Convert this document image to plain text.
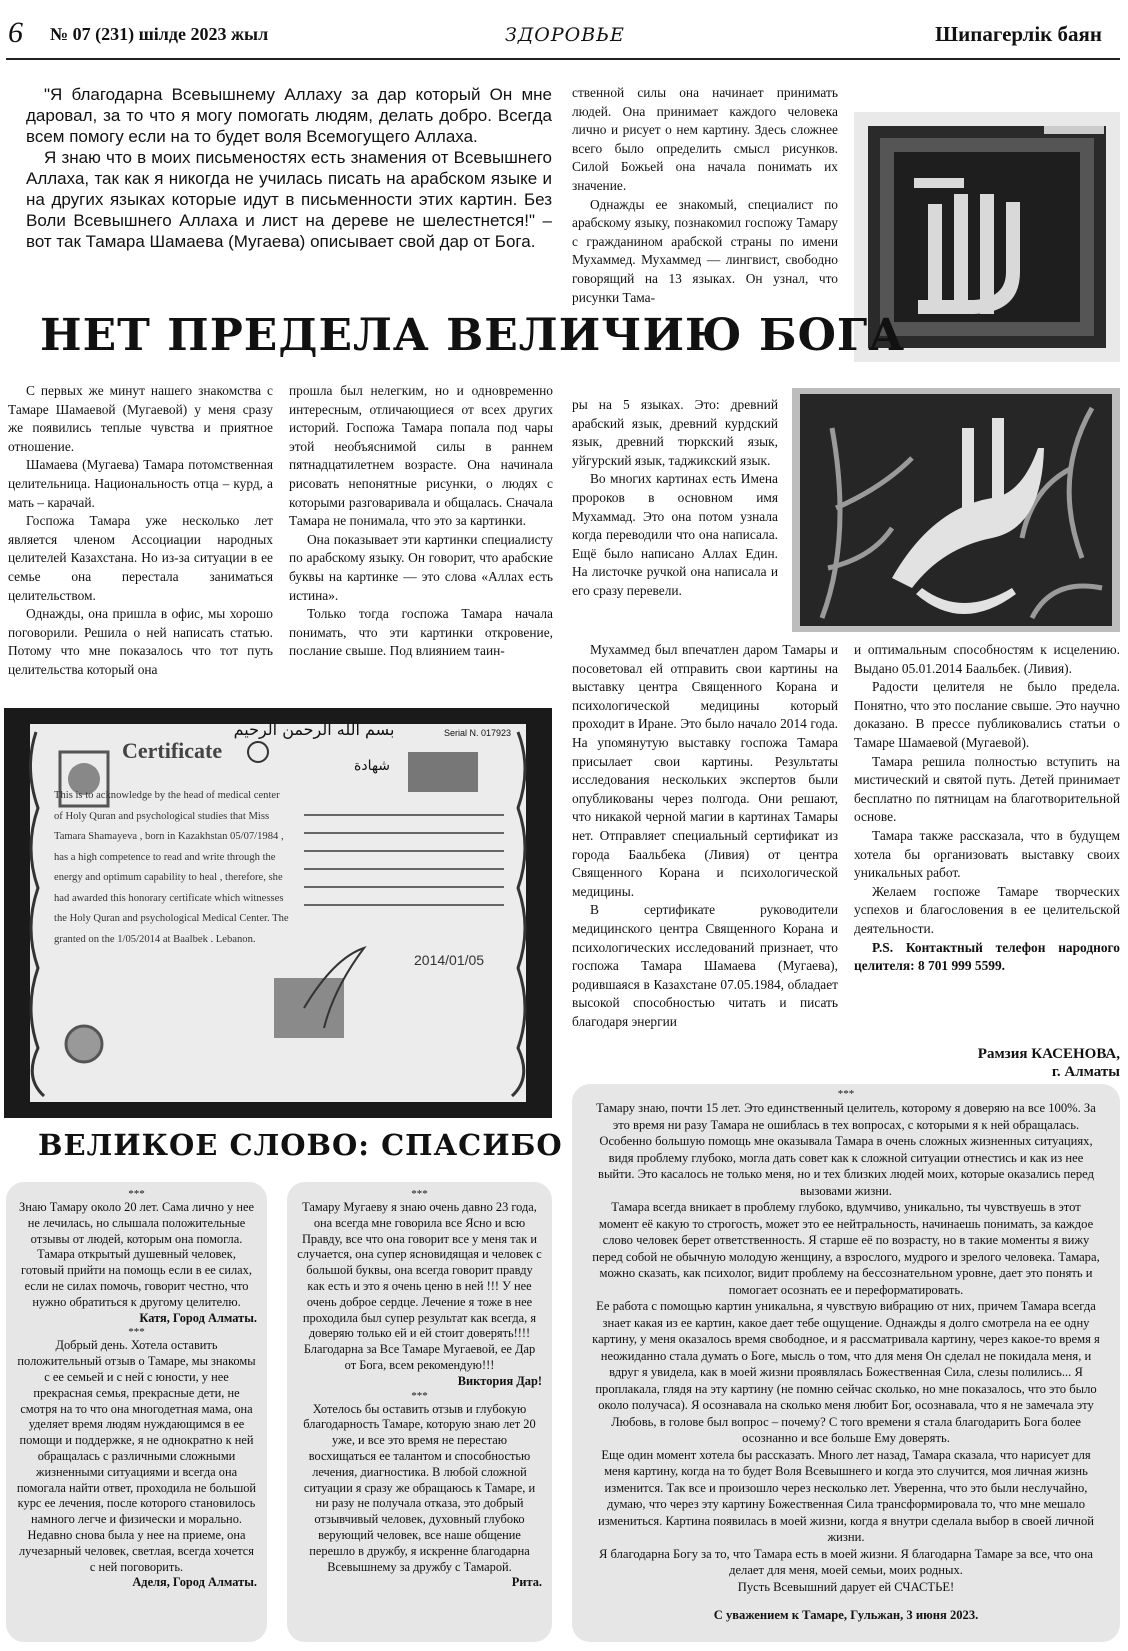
6 № 07 (231) шілде 2023 жыл	ЗДОРОВЬЕ	Шипагерлік баян

"Я благодарна Всевышнему Аллаху за дар который Он мне даровал, за то что я могу помогать людям, делать добро. Всегда всем помогу если на то будет воля Всемогущего Аллаха.

Я знаю что в моих письменостях есть знамения от Всевышнего Аллаха, так как я никогда не училась писать на арабском языке и на других языках которые идут в письменности этих картин. Без Воли Всевышнего Аллаха и лист на дереве не шелестнется!" – вот так Тамара Шамаева (Мугаева) описывает свой дар от Бога.

ственной силы она начинает принимать людей. Она принимает каждого человека лично и рисует о нем картину. Здесь сложнее всего было определить смысл рисунков. Силой Божьей она начала понимать их значение.

Однажды ее знакомый, специалист по арабскому языку, познакомил госпожу Тамару с гражданином арабской страны по имени Мухаммед. Мухаммед — лингвист, свободно говорящий на 13 языках. Он узнал, что рисунки Тама-

НЕТ ПРЕДЕЛА ВЕЛИЧИЮ БОГА

С первых же минут нашего знакомства с Тамаре Шамаевой (Мугаевой) у меня сразу же появились теплые чувства и приятное отношение.

Шамаева (Мугаева) Тамара потомственная целительница. Национальность отца – курд, а мать – карачай.

Госпожа Тамара уже несколько лет является членом Ассоциации народных целителей Казахстана. Но из-за ситуации в ее семье она перестала заниматься целительством.

Однажды, она пришла в офис, мы хорошо поговорили. Решила о ней написать статью. Потому что мне показалось что тот путь целительства который она

прошла был нелегким, но и одновременно интересным, отличающиеся от всех других историй. Госпожа Тамара попала под чары этой необъяснимой силы в раннем пятнадцатилетнем возрасте. Она начинала рисовать непонятные рисунки, о людях с которыми разговаривала и общалась. Сначала Тамара не понимала, что это за картинки.

Она показывает эти картинки специалисту по арабскому языку. Он говорит, что арабские буквы на картинке — это слова «Аллах есть истина».

Только тогда госпожа Тамара начала понимать, что эти картинки откровение, послание свыше. Под влиянием таин-

ры на 5 языках. Это: древний арабский язык, древний курдский язык, древний тюркский язык, уйгурский язык, таджикский язык.

Во многих картинах есть Имена пророков в основном имя Мухаммад. Это она потом узнала когда переводили что она написала. Ещё было написано Аллах Един. На листочке ручкой она написала и его сразу перевели.

Мухаммед был впечатлен даром Тамары и посоветовал ей отправить свои картины на выставку центра Священного Корана и психологической медицины который проходит в Иране. Это было начало 2014 года. На упомянутую выставку госпожа Тамара присылает свои картины. Результаты исследования нескольких экспертов были опубликованы через полгода. Они решают, что никакой черной магии в картинах Тамары нет. Отправляет специальный сертификат из города Баальбека (Ливия) от центра Священного Корана и психологической медицины.

В сертификате руководители медицинского центра Священного Корана и психологических исследований признает, что госпожа Тамара Шамаева (Мугаева), родившаяся в Казахстане 07.05.1984, обладает высокой способностью читать и писать благодаря энергии

и оптимальным способностям к исцелению. Выдано 05.01.2014 Баальбек. (Ливия).

Радости целителя не было предела. Понятно, что это послание свыше. Это научно доказано. В прессе публиковались статьи о Тамаре Шамаевой (Мугаевой).

Тамара решила полностью вступить на мистический и святой путь. Детей принимает бесплатно по пятницам на благотворительной основе.

Тамара также рассказала, что в будущем хотела бы организовать выставку своих уникальных работ.

Желаем госпоже Тамаре творческих успехов и благословения в ее целительской деятельности.

P.S. Контактный телефон народного целителя: 8 701 999 5599.

Рамзия КАСЕНОВА,
г. Алматы
بسم الله الرحمن الرحيم	Serial N. 017923
شهادة
Certificate
This is to acknowledge by the head of medical center of Holy Quran and psychological studies that Miss Tamara Shamayeva , born in Kazakhstan 05/07/1984 , has a high competence to read and write through the energy and optimum capability to heal , therefore, she had awarded this honorary certificate which witnesses the Holy Quran and psychological Medical Center. The granted on the 1/05/2014 at Baalbek . Lebanon.
2014/01/05
ВЕЛИКОЕ СЛОВО: СПАСИБО
***
Знаю Тамару около 20 лет. Сама лично у нее не лечилась, но слышала положительные отзывы от людей, которым она помогла. Тамара открытый душевный человек, готовый прийти на помощь если в ее силах, если не силах помочь, говорит честно, что нужно обратиться к другому целителю.
Катя, Город Алматы.
***
Добрый день. Хотела оставить положительный отзыв о Тамаре, мы знакомы с ее семьей и с ней с юности, у нее прекрасная семья, прекрасные дети, не смотря на то что она многодетная мама, она уделяет время людям нуждающимся в ее помощи и поддержке, я не однократно к ней обращалась с различными сложными жизненными ситуациями и всегда она помогала найти ответ, проходила не большой курс ее лечения, после которого становилось намного легче и физически и морально. Недавно снова была у нее на приеме, она лучезарный человек, светлая, всегда хочется с ней поговорить.
Аделя, Город Алматы.
***
Тамару Мугаеву я знаю очень давно 23 года, она всегда мне говорила все Ясно и всю Правду, все что она говорит все у меня так и случается, она супер ясновидящая и человек с большой буквы, она всегда говорит правду как есть и это я очень ценю в ней !!! У нее очень доброе сердце. Лечение я тоже в нее проходила был супер результат как всегда, я доверяю только ей и ей стоит доверять!!!! Благодарна за Все Тамаре Мугаевой, ее Дар от Бога, всем рекомендую!!!
Виктория Дар!
***
Хотелось бы оставить отзыв и глубокую благодарность Тамаре, которую знаю лет 20 уже, и все это время не перестаю восхищаться ее талантом и способностью лечения, диагностика. В любой сложной ситуации я сразу же обращаюсь к Тамаре, и ни разу не получала отказа, это добрый отзывчивый человек, духовный глубоко верующий человек, все наше общение перешло в дружбу, я искренне благодарна Всевышнему за дружбу с Тамарой.
Рита.
***
Тамару знаю, почти 15 лет. Это единственный целитель, которому я доверяю на все 100%. За это время ни разу Тамара не ошиблась в тех вопросах, с которыми я к ней обращалась. Особенно большую помощь мне оказывала Тамара в очень сложных жизненных ситуациях, видя проблему глубоко, могла дать совет как к сложной ситуации отнестись и как из нее выйти. Это касалось не только меня, но и тех близких людей моих, которые оказались перед вызовами жизни.
Тамара всегда вникает в проблему глубоко, вдумчиво, уникально, ты чувствуешь в этот момент её какую то строгость, может это ее нейтральность, начинаешь понимать, за каждое слово человек берет ответственность. Я старше её по возрасту, но в такие моменты я вижу перед собой не обычную молодую женщину, а взрослого, мудрого и зрелого человека. Тамара, можно сказать, как психолог, видит проблему на бессознательном уровне, дает это понять и помогает осознать ее и переформатировать.
Ее работа с помощью картин уникальна, я чувствую вибрацию от них, причем Тамара всегда знает какая из ее картин, какое дает тебе ощущение. Однажды я долго смотрела на ее одну картину, у меня оказалось время свободное, и я рассматривала картину, через какое-то время я неожиданно стала думать о Боге, мысль о том, что для меня Он сделал не покидала меня, и вдруг я увидела, как в моей жизни проявлялась Божественная Сила, слезы полились... Я проплакала, глядя на эту картину (не помню сейчас сколько, но мне показалось, что это было около получаса). Я осознавала на сколько меня любит Бог, осознавала, что я не замечала эту Любовь, в голове был вопрос – почему? С того времени я стала благодарить Бога более осознанно и все больше Ему доверять.
Еще один момент хотела бы рассказать. Много лет назад, Тамара сказала, что нарисует для меня картину, когда на то будет Воля Всевышнего и когда это случится, моя личная жизнь изменится. Так все и произошло через несколько лет. Уверенна, что это были неслучайно, думаю, что через эту картину Божественная Сила трансформировала то, что мне мешало измениться. Картина появилась в моей жизни, когда я внутри сделала выбор в своей личной жизни.
Я благодарна Богу за то, что Тамара есть в моей жизни. Я благодарна Тамаре за все, что она делает для меня, моей семьи, моих родных.
Пусть Всевышний дарует ей СЧАСТЬЕ!
С уважением к Тамаре, Гульжан, 3 июня 2023.
